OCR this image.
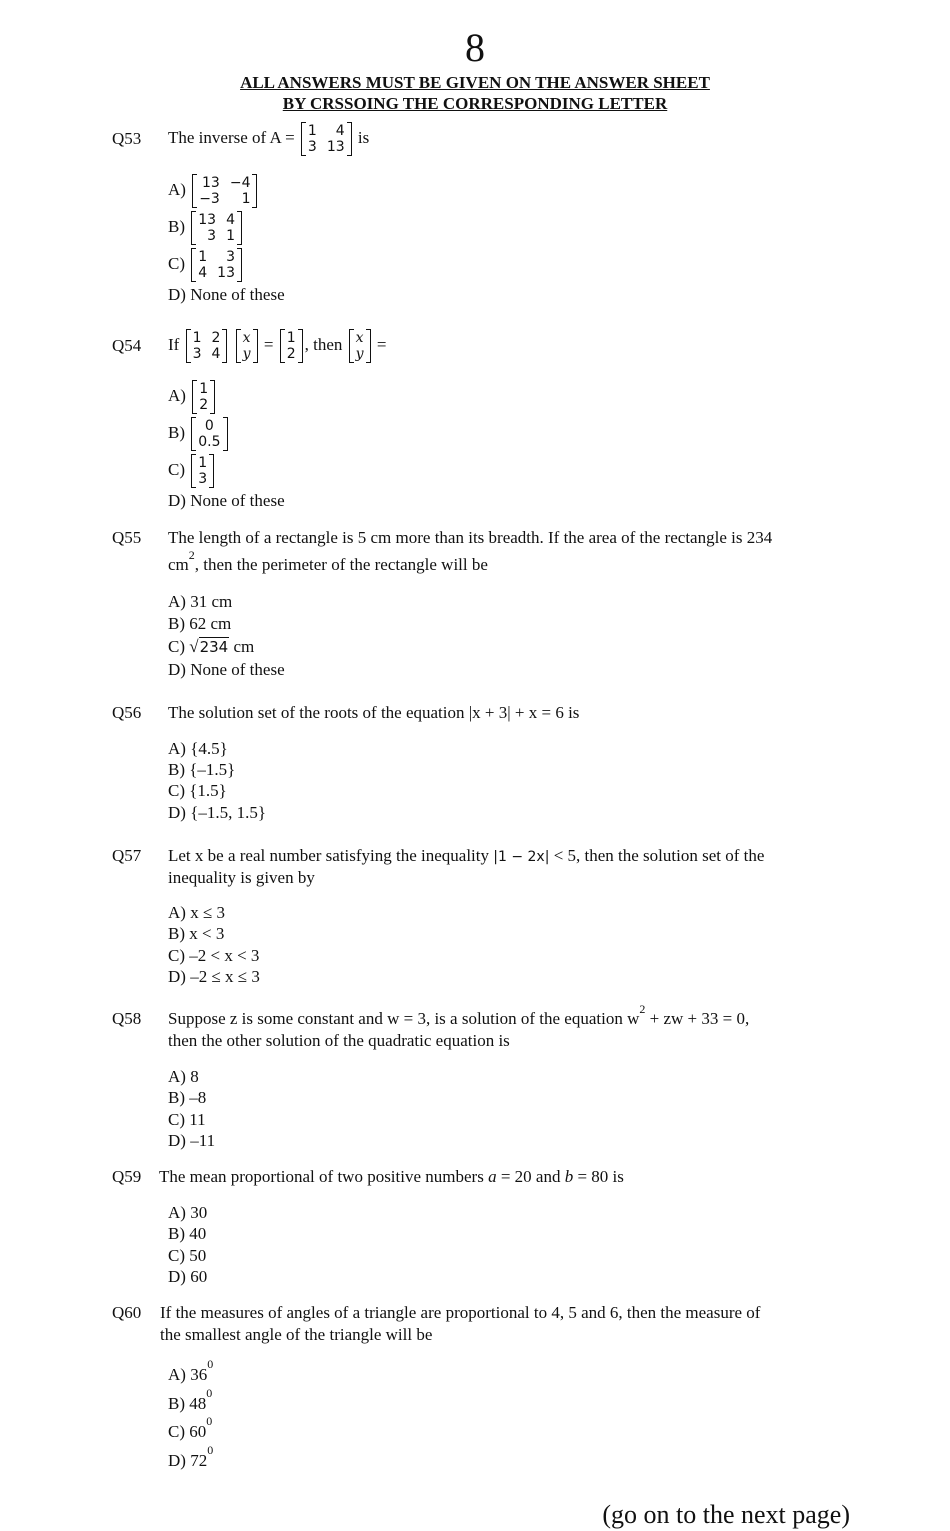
8
ALL ANSWERS MUST BE GIVEN ON THE ANSWER SHEET
BY CRSSOING THE CORRESPONDING LETTER
Q53 The inverse of A = 1	4
3 13
is
A) 13 −4
−3	1
B) 13 4
3 1
C) 1	3
4 13
D) None of these
Q54 If 1 2
3 4

x
y
= 1
2
, then x
y
=
A) 1
2
B)	0
0.5
C) 1
3
D) None of these
Q55 The length of a rectangle is 5 cm more than its breadth. If the area of the rectangle is 234
$cm^2$, then the perimeter of the rectangle will be
A) 31 cm
B) 62 cm
C) √234 cm
D) None of these
Q56 The solution set of the roots of the equation |x + 3| + x = 6 is
A) {4.5}
B) {–1.5}
C) {1.5}
D) {–1.5, 1.5}
Q57 Let x be a real number satisfying the inequality |1 − 2x| < 5, then the solution set of the
inequality is given by
A) x ≤ 3
B) x < 3
C) –2 < x < 3
D) –2 ≤ x ≤ 3
Q58 Suppose z is some constant and w = 3, is a solution of the equation $w^2$ + zw + 33 = 0,
then the other solution of the quadratic equation is
A) 8
B) –8
C) 11
D) –11
Q59 The mean proportional of two positive numbers a = 20 and b = 80 is
A) 30
B) 40
C) 50
D) 60
Q60 If the measures of angles of a triangle are proportional to 4, 5 and 6, then the measure of
the smallest angle of the triangle will be
A) $36^0$
B) $48^0$
C) $60^0$
D) $72^0$
(go on to the next page)
